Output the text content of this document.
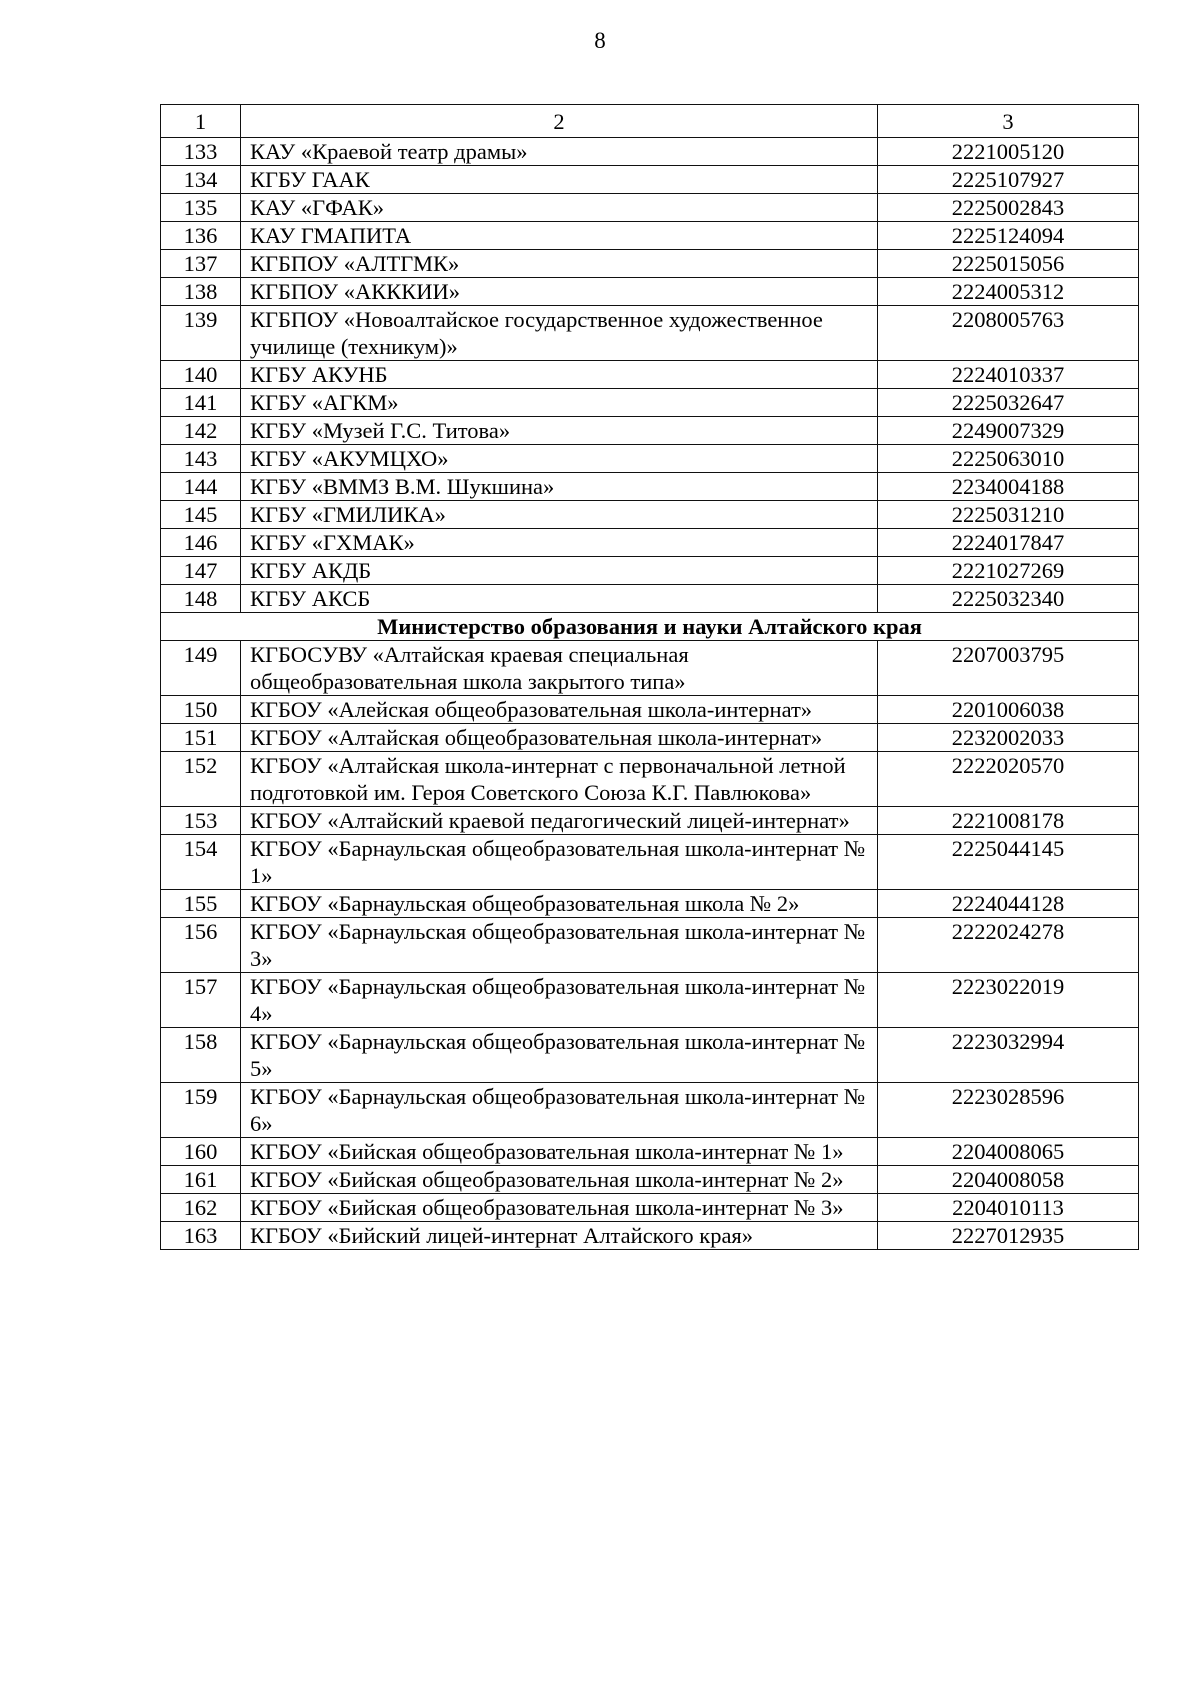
8
1	2	3
133	КАУ «Краевой театр драмы»	2221005120
134	КГБУ ГААК	2225107927
135	КАУ «ГФАК»	2225002843
136	КАУ ГМАПИТА	2225124094
137	КГБПОУ «АЛТГМК»	2225015056
138	КГБПОУ «АКККИИ»	2224005312
139	КГБПОУ «Новоалтайское государственное художественное училище (техникум)»	2208005763
140	КГБУ АКУНБ	2224010337
141	КГБУ «АГКМ»	2225032647
142	КГБУ «Музей Г.С. Титова»	2249007329
143	КГБУ «АКУМЦХО»	2225063010
144	КГБУ «ВММЗ В.М. Шукшина»	2234004188
145	КГБУ «ГМИЛИКА»	2225031210
146	КГБУ «ГХМАК»	2224017847
147	КГБУ АКДБ	2221027269
148	КГБУ АКСБ	2225032340
Министерство образования и науки Алтайского края		
149	КГБОСУВУ «Алтайская краевая специальная общеобразовательная школа закрытого типа»	2207003795
150	КГБОУ «Алейская общеобразовательная школа-интернат»	2201006038
151	КГБОУ «Алтайская общеобразовательная школа-интернат»	2232002033
152	КГБОУ «Алтайская школа-интернат с первоначальной летной подготовкой им. Героя Советского Союза К.Г. Павлюкова»	2222020570
153	КГБОУ «Алтайский краевой педагогический лицей-интернат»	2221008178
154	КГБОУ «Барнаульская общеобразовательная школа-интернат № 1»	2225044145
155	КГБОУ «Барнаульская общеобразовательная школа № 2»	2224044128
156	КГБОУ «Барнаульская общеобразовательная школа-интернат № 3»	2222024278
157	КГБОУ «Барнаульская общеобразовательная школа-интернат № 4»	2223022019
158	КГБОУ «Барнаульская общеобразовательная школа-интернат № 5»	2223032994
159	КГБОУ «Барнаульская общеобразовательная школа-интернат № 6»	2223028596
160	КГБОУ «Бийская общеобразовательная школа-интернат № 1»	2204008065
161	КГБОУ «Бийская общеобразовательная школа-интернат № 2»	2204008058
162	КГБОУ «Бийская общеобразовательная школа-интернат № 3»	2204010113
163	КГБОУ «Бийский лицей-интернат Алтайского края»	2227012935
